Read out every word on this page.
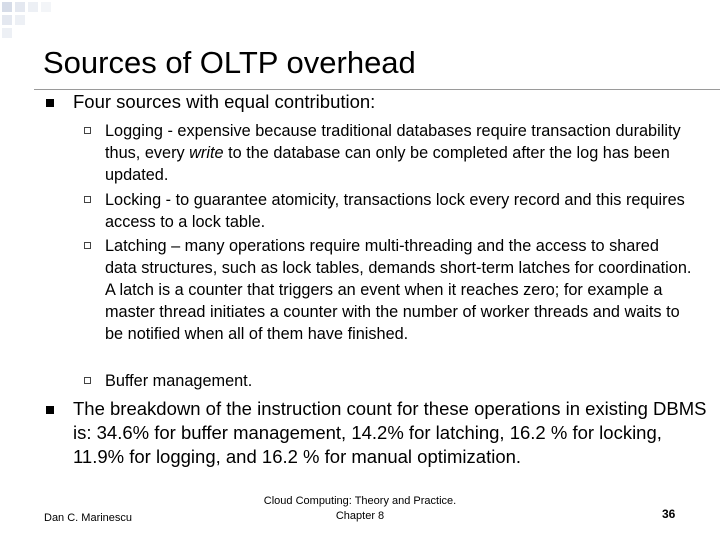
Sources of OLTP overhead
Four sources with equal contribution:
Logging - expensive because traditional databases require transaction durability thus, every write to the database can only be completed after the log has been updated.
Locking - to guarantee atomicity, transactions lock every record and this requires access to a lock table.
Latching – many operations require multi-threading and the access to shared data structures, such as lock tables, demands short-term latches for coordination. A latch is a counter that triggers an event when it reaches zero; for example a master thread initiates a counter with the number of worker threads and waits to be notified when all of them have finished.
Buffer management.
The breakdown of the instruction count for these operations in existing DBMS is: 34.6% for buffer management, 14.2% for latching, 16.2 % for locking, 11.9% for logging, and 16.2 % for manual optimization.
Dan C. Marinescu
Cloud Computing: Theory and Practice.
Chapter 8	36
